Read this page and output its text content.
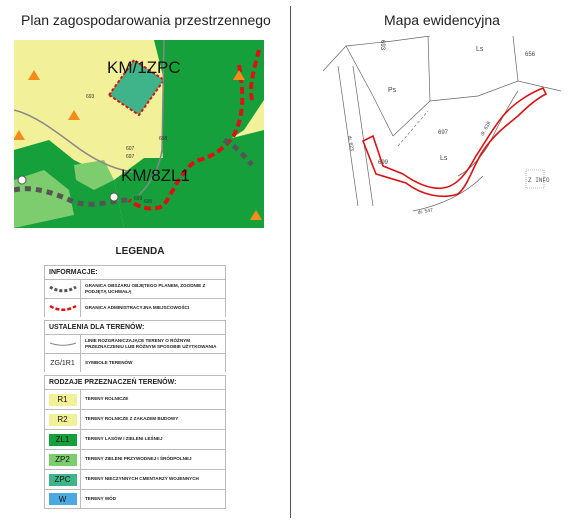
Plan zagospodarowania przestrzennego	Mapa ewidencyjna
KM/1ZPC
KM/8ZL1
693
607
697
698
699 695
Ps
Ls
Ls
656
697
699
693
dr. 623
dr. 639
dr. 547
Z INFO
LEGENDA
INFORMACJE:
GRANICA OBSZARU OBJĘTEGO PLANEM, ZGODNIE Z PODJĘTĄ UCHWAŁĄ
GRANICA ADMINISTRACYJNA MIEJSCOWOŚCI
USTALENIA DLA TERENÓW:
LINIE ROZGRANICZAJĄCE TERENY O RÓŻNYM PRZEZNACZENIU LUB RÓŻNYM SPOSOBIE UŻYTKOWANIA
ZG/1R1	SYMBOLE TERENÓW
RODZAJE PRZEZNACZEŃ TERENÓW:
R1	TERENY ROLNICZE
R2	TERENY ROLNICZE Z ZAKAZEM BUDOWY
ZL1	TERENY LASÓW I ZIELENI LEŚNEJ
ZP2	TERENY ZIELENI PRZYWODNEJ I ŚRÓDPOLNEJ
ZPC	TERENY NIECZYNNYCH CMENTARZY WOJENNYCH
W	TERENY WÓD
